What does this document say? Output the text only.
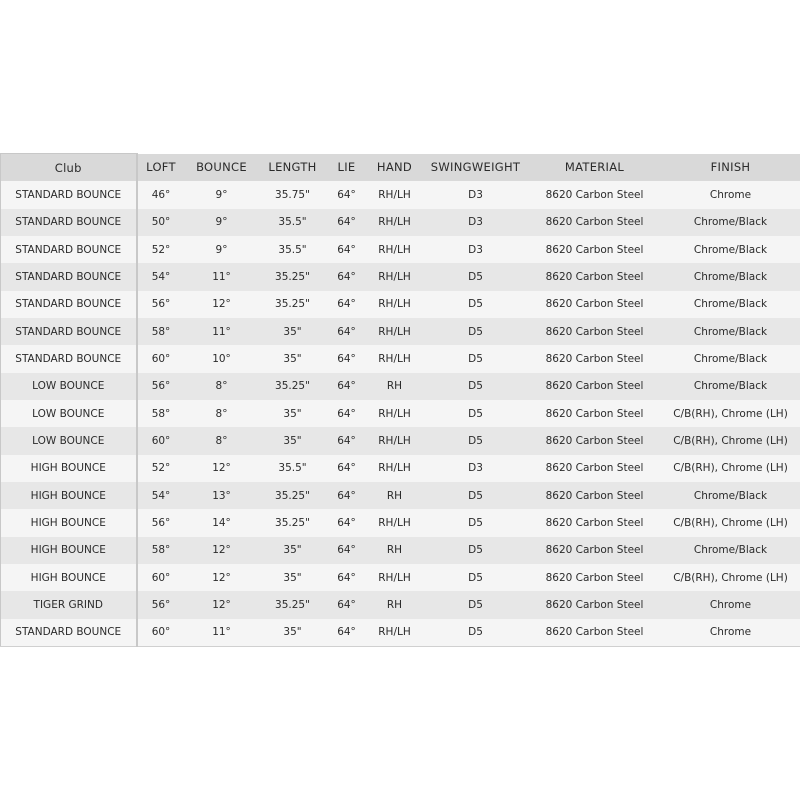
Club	LOFT	BOUNCE	LENGTH	LIE	HAND	SWINGWEIGHT	MATERIAL	FINISH
STANDARD BOUNCE	46°	9°	35.75"	64°	RH/LH	D3	8620 Carbon Steel	Chrome
STANDARD BOUNCE	50°	9°	35.5"	64°	RH/LH	D3	8620 Carbon Steel	Chrome/Black
STANDARD BOUNCE	52°	9°	35.5"	64°	RH/LH	D3	8620 Carbon Steel	Chrome/Black
STANDARD BOUNCE	54°	11°	35.25"	64°	RH/LH	D5	8620 Carbon Steel	Chrome/Black
STANDARD BOUNCE	56°	12°	35.25"	64°	RH/LH	D5	8620 Carbon Steel	Chrome/Black
STANDARD BOUNCE	58°	11°	35"	64°	RH/LH	D5	8620 Carbon Steel	Chrome/Black
STANDARD BOUNCE	60°	10°	35"	64°	RH/LH	D5	8620 Carbon Steel	Chrome/Black
LOW BOUNCE	56°	8°	35.25"	64°	RH	D5	8620 Carbon Steel	Chrome/Black
LOW BOUNCE	58°	8°	35"	64°	RH/LH	D5	8620 Carbon Steel	C/B(RH), Chrome (LH)
LOW BOUNCE	60°	8°	35"	64°	RH/LH	D5	8620 Carbon Steel	C/B(RH), Chrome (LH)
HIGH BOUNCE	52°	12°	35.5"	64°	RH/LH	D3	8620 Carbon Steel	C/B(RH), Chrome (LH)
HIGH BOUNCE	54°	13°	35.25"	64°	RH	D5	8620 Carbon Steel	Chrome/Black
HIGH BOUNCE	56°	14°	35.25"	64°	RH/LH	D5	8620 Carbon Steel	C/B(RH), Chrome (LH)
HIGH BOUNCE	58°	12°	35"	64°	RH	D5	8620 Carbon Steel	Chrome/Black
HIGH BOUNCE	60°	12°	35"	64°	RH/LH	D5	8620 Carbon Steel	C/B(RH), Chrome (LH)
TIGER GRIND	56°	12°	35.25"	64°	RH	D5	8620 Carbon Steel	Chrome
STANDARD BOUNCE	60°	11°	35"	64°	RH/LH	D5	8620 Carbon Steel	Chrome
